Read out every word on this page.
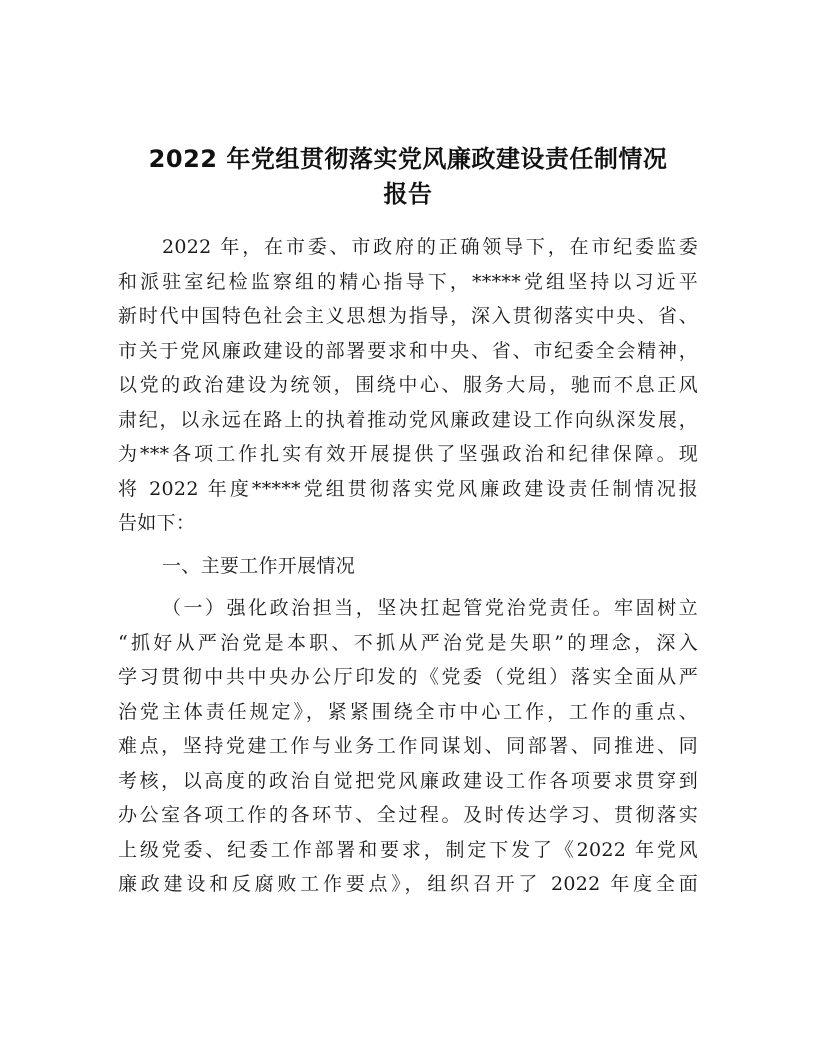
2022 年党组贯彻落实党风廉政建设责任制情况
报告
2022 年，在市委、市政府的正确领导下，在市纪委监委
和派驻室纪检监察组的精心指导下，*****党组坚持以习近平
新时代中国特色社会主义思想为指导，深入贯彻落实中央、省、
市关于党风廉政建设的部署要求和中央、省、市纪委全会精神，
以党的政治建设为统领，围绕中心、服务大局，驰而不息正风
肃纪，以永远在路上的执着推动党风廉政建设工作向纵深发展，
为***各项工作扎实有效开展提供了坚强政治和纪律保障。现
将 2022 年度*****党组贯彻落实党风廉政建设责任制情况报
告如下：
一、主要工作开展情况
（一）强化政治担当，坚决扛起管党治党责任。牢固树立
“抓好从严治党是本职、不抓从严治党是失职”的理念，深入
学习贯彻中共中央办公厅印发的《党委（党组）落实全面从严
治党主体责任规定》，紧紧围绕全市中心工作，工作的重点、
难点，坚持党建工作与业务工作同谋划、同部署、同推进、同
考核，以高度的政治自觉把党风廉政建设工作各项要求贯穿到
办公室各项工作的各环节、全过程。及时传达学习、贯彻落实
上级党委、纪委工作部署和要求，制定下发了《2022 年党风
廉政建设和反腐败工作要点》，组织召开了 2022 年度全面
